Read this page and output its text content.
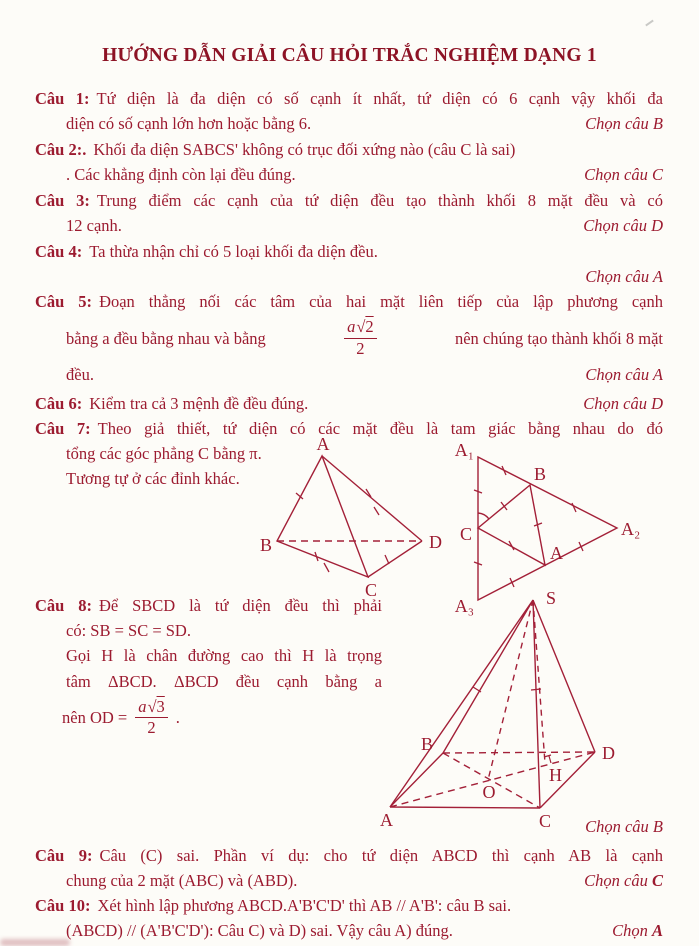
HƯỚNG DẪN GIẢI CÂU HỎI TRẮC NGHIỆM DẠNG 1
Câu 1: Tứ diện là đa diện có số cạnh ít nhất, tứ diện có 6 cạnh vậy khối đa
diện có số cạnh lớn hơn hoặc bằng 6.	Chọn câu B
Câu 2:. Khối đa diện SABCS' không có trục đối xứng nào (câu C là sai)
. Các khẳng định còn lại đều đúng.	Chọn câu C
Câu 3: Trung điểm các cạnh của tứ diện đều tạo thành khối 8 mặt đều và có
12 cạnh.	Chọn câu D
Câu 4: Ta thừa nhận chỉ có 5 loại khối đa diện đều.
Chọn câu A
Câu 5: Đoạn thẳng nối các tâm của hai mặt liên tiếp của lập phương cạnh
bằng a đều bằng nhau và bằng	$\frac{a √ 2}{2}$	nên chúng tạo thành khối 8 mặt
đều.	Chọn câu A
Câu 6: Kiểm tra cả 3 mệnh đề đều đúng.	Chọn câu D
Câu 7: Theo giả thiết, tứ diện có các mặt đều là tam giác bằng nhau do đó
tổng các góc phẳng C bằng π.
Tương tự ở các đỉnh khác.
Câu 8: Để SBCD là tứ diện đều thì phải
có: SB = SC = SD.
Gọi H là chân đường cao thì H là trọng
tâm ΔBCD. ΔBCD đều cạnh bằng a
nên OD = $\frac{a √ 3}{2}$ .
Chọn câu B
Câu 9: Câu (C) sai. Phần ví dụ: cho tứ diện ABCD thì cạnh AB là cạnh
chung của 2 mặt (ABC) và (ABD).	Chọn câu C
Câu 10: Xét hình lập phương ABCD.A'B'C'D' thì AB // A'B': câu B sai.
(ABCD) // (A'B'C'D'): Câu C) và D) sai. Vậy câu A) đúng.	Chọn A
A
B
C
D
A₁
B
A₂
C
A
A₃	S
A
B
C
D
O
H
